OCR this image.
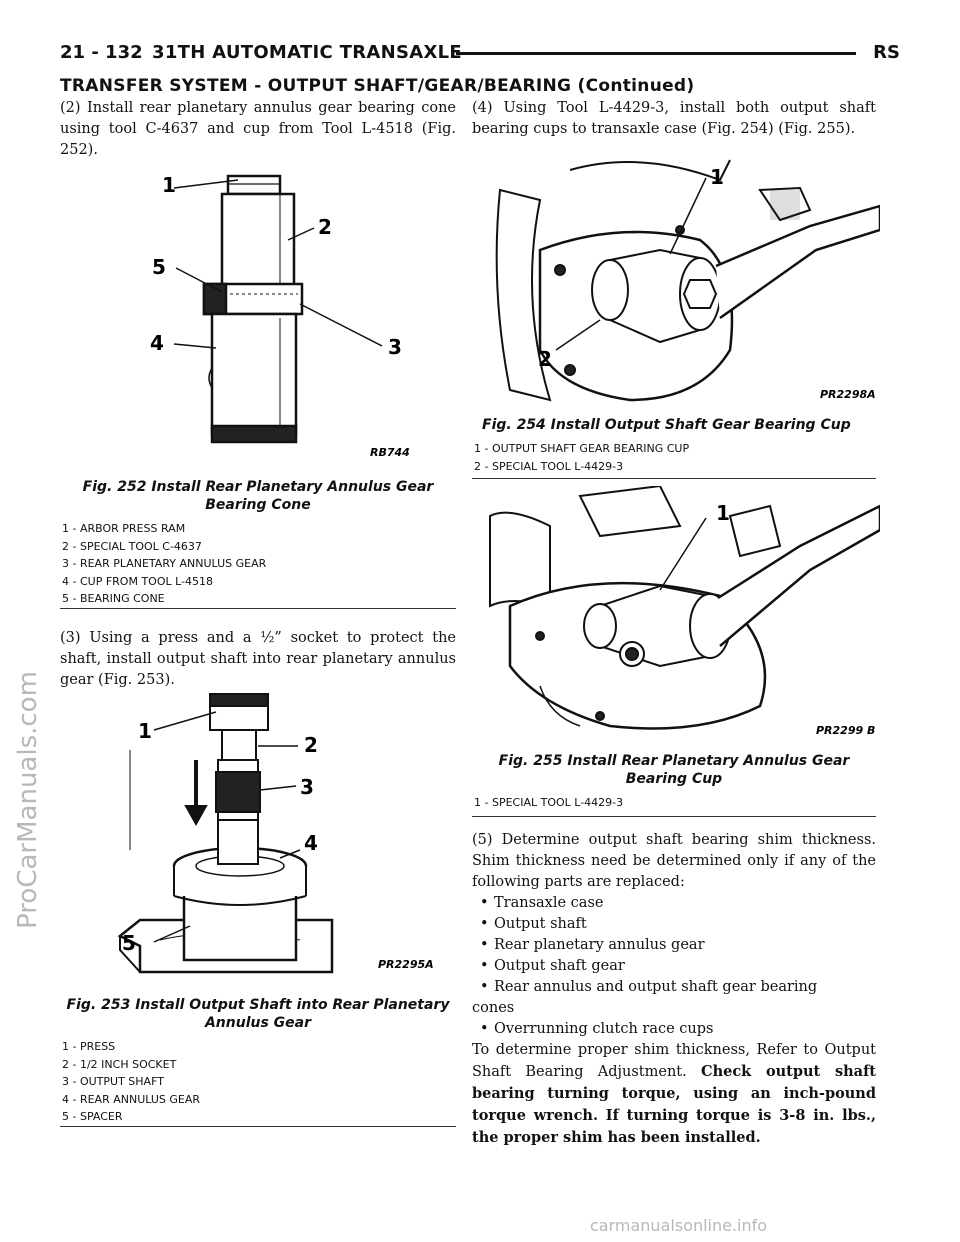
21 - 132 31TH AUTOMATIC TRANSAXLE	RS
TRANSFER SYSTEM - OUTPUT SHAFT/GEAR/BEARING (Continued)

(2) Install rear planetary annulus gear bearing cone using tool C-4637 and cup from Tool L-4518 (Fig. 252).

1
2
3
4
5
RB744
Fig. 252 Install Rear Planetary Annulus Gear
Bearing Cone
1 - ARBOR PRESS RAM
2 - SPECIAL TOOL C-4637
3 - REAR PLANETARY ANNULUS GEAR
4 - CUP FROM TOOL L-4518
5 - BEARING CONE

(3) Using a press and a ½” socket to protect the shaft, install output shaft into rear planetary annulus gear (Fig. 253).

1
2
3
4
5
PR2295A
Fig. 253 Install Output Shaft into Rear Planetary
Annulus Gear
1 - PRESS
2 - 1/2 INCH SOCKET
3 - OUTPUT SHAFT
4 - REAR ANNULUS GEAR
5 - SPACER

(4) Using Tool L-4429-3, install both output shaft bearing cups to transaxle case (Fig. 254) (Fig. 255).

1
2
PR2298A
Fig. 254 Install Output Shaft Gear Bearing Cup
1 - OUTPUT SHAFT GEAR BEARING CUP
2 - SPECIAL TOOL L-4429-3
1
PR2299 B
Fig. 255 Install Rear Planetary Annulus Gear
Bearing Cup
1 - SPECIAL TOOL L-4429-3

(5) Determine output shaft bearing shim thickness. Shim thickness need be determined only if any of the following parts are replaced:

• Transaxle case
• Output shaft
• Rear planetary annulus gear
• Output shaft gear
• Rear annulus and output shaft gear bearing
cones
• Overrunning clutch race cups

To determine proper shim thickness, Refer to Output Shaft Bearing Adjustment. Check output shaft bearing turning torque, using an inch-pound torque wrench. If turning torque is 3-8 in. lbs., the proper shim has been installed.

ProCarManuals.com
carmanualsonline.info
